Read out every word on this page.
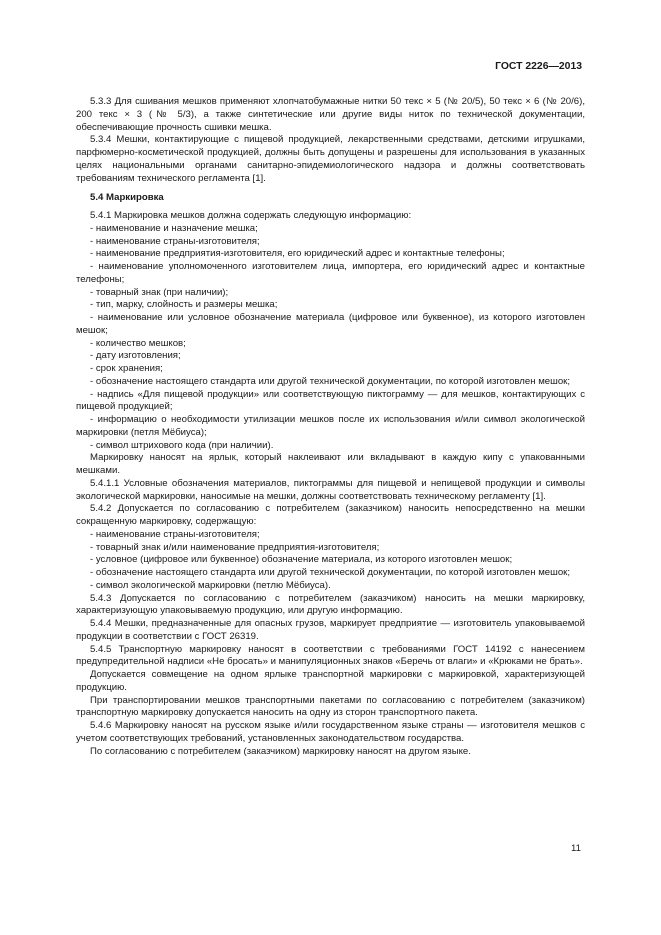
ГОСТ 2226—2013

5.3.3 Для сшивания мешков применяют хлопчатобумажные нитки 50 текс × 5 (№ 20/5), 50 текс × 6 (№ 20/6), 200 текс × 3 (№ 5/3), а также синтетические или другие виды ниток по технической документации, обеспечивающие прочность сшивки мешка.

5.3.4 Мешки, контактирующие с пищевой продукцией, лекарственными средствами, детскими игрушками, парфюмерно-косметической продукцией, должны быть допущены и разрешены для использования в указанных целях национальными органами санитарно-эпидемиологического надзора и должны соответствовать требованиям технического регламента [1].

5.4 Маркировка

5.4.1 Маркировка мешков должна содержать следующую информацию:

- наименование и назначение мешка;

- наименование страны-изготовителя;

- наименование предприятия-изготовителя, его юридический адрес и контактные телефоны;

- наименование уполномоченного изготовителем лица, импортера, его юридический адрес и контактные телефоны;

- товарный знак (при наличии);

- тип, марку, слойность и размеры мешка;

- наименование или условное обозначение материала (цифровое или буквенное), из которого изготовлен мешок;

- количество мешков;

- дату изготовления;

- срок хранения;

- обозначение настоящего стандарта или другой технической документации, по которой изготовлен мешок;

- надпись «Для пищевой продукции» или соответствующую пиктограмму — для мешков, контактирующих с пищевой продукцией;

- информацию о необходимости утилизации мешков после их использования и/или символ экологической маркировки (петля Мёбиуса);

- символ штрихового кода (при наличии).

Маркировку наносят на ярлык, который наклеивают или вкладывают в каждую кипу с упакованными мешками.

5.4.1.1 Условные обозначения материалов, пиктограммы для пищевой и непищевой продукции и символы экологической маркировки, наносимые на мешки, должны соответствовать техническому регламенту [1].

5.4.2 Допускается по согласованию с потребителем (заказчиком) наносить непосредственно на мешки сокращенную маркировку, содержащую:

- наименование страны-изготовителя;

- товарный знак и/или наименование предприятия-изготовителя;

- условное (цифровое или буквенное) обозначение материала, из которого изготовлен мешок;

- обозначение настоящего стандарта или другой технической документации, по которой изготовлен мешок;

- символ экологической маркировки (петлю Мёбиуса).

5.4.3 Допускается по согласованию с потребителем (заказчиком) наносить на мешки маркировку, характеризующую упаковываемую продукцию, или другую информацию.

5.4.4 Мешки, предназначенные для опасных грузов, маркирует предприятие — изготовитель упаковываемой продукции в соответствии с ГОСТ 26319.

5.4.5 Транспортную маркировку наносят в соответствии с требованиями ГОСТ 14192 с нанесением предупредительной надписи «Не бросать» и манипуляционных знаков «Беречь от влаги» и «Крюками не брать».

Допускается совмещение на одном ярлыке транспортной маркировки с маркировкой, характеризующей продукцию.

При транспортировании мешков транспортными пакетами по согласованию с потребителем (заказчиком) транспортную маркировку допускается наносить на одну из сторон транспортного пакета.

5.4.6 Маркировку наносят на русском языке и/или государственном языке страны — изготовителя мешков с учетом соответствующих требований, установленных законодательством государства.

По согласованию с потребителем (заказчиком) маркировку наносят на другом языке.

11
